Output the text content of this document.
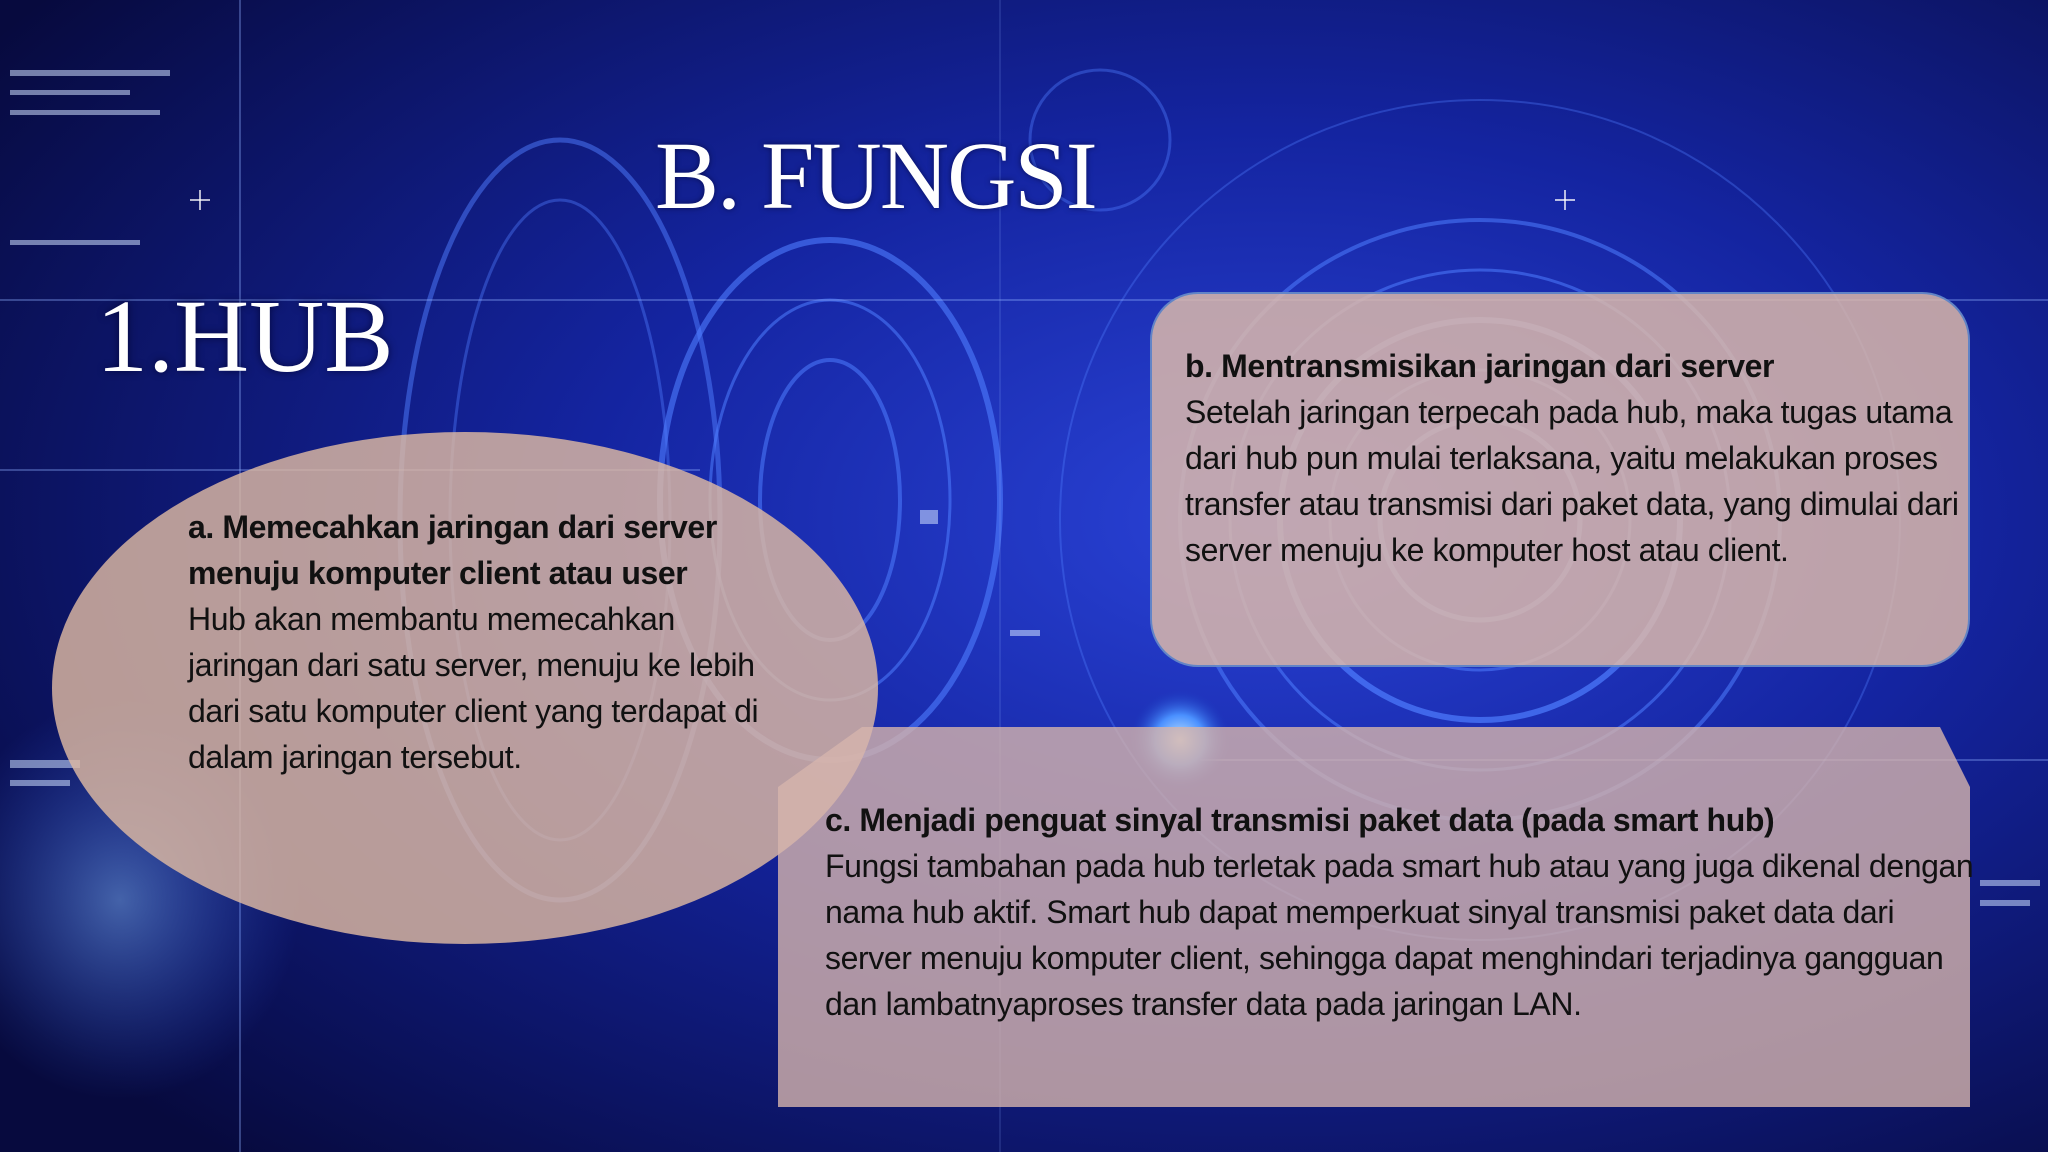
B. FUNGSI
1.HUB
a. Memecahkan jaringan dari server menuju komputer client atau user
Hub akan membantu memecahkan jaringan dari satu server, menuju ke lebih dari satu komputer client yang terdapat di dalam jaringan tersebut.
b. Mentransmisikan jaringan dari server
Setelah jaringan terpecah pada hub, maka tugas utama dari hub pun mulai terlaksana, yaitu melakukan proses transfer atau transmisi dari paket data, yang dimulai dari server menuju ke komputer host atau client.
c. Menjadi penguat sinyal transmisi paket data (pada smart hub)
Fungsi tambahan pada hub terletak pada smart hub atau yang juga dikenal dengan nama hub aktif. Smart hub dapat memperkuat sinyal transmisi paket data dari server menuju komputer client, sehingga dapat menghindari terjadinya gangguan dan lambatnyaproses transfer data pada jaringan LAN.
